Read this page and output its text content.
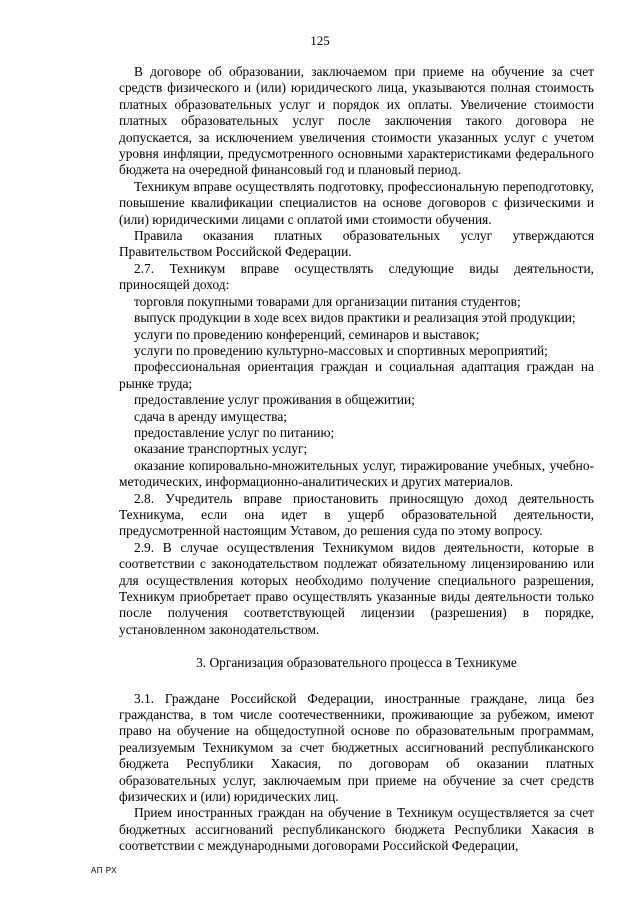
125

В договоре об образовании, заключаемом при приеме на обучение за счет средств физического и (или) юридического лица, указываются полная стоимость платных образовательных услуг и порядок их оплаты. Увеличение стоимости платных образовательных услуг после заключения такого договора не допускается, за исключением увеличения стоимости указанных услуг с учетом уровня инфляции, предусмотренного основными характеристиками федерального бюджета на очередной финансовый год и плановый период.

Техникум вправе осуществлять подготовку, профессиональную переподготовку, повышение квалификации специалистов на основе договоров с физическими и (или) юридическими лицами с оплатой ими стоимости обучения.

Правила оказания платных образовательных услуг утверждаются Правительством Российской Федерации.

2.7. Техникум вправе осуществлять следующие виды деятельности, приносящей доход:

торговля покупными товарами для организации питания студентов;

выпуск продукции в ходе всех видов практики и реализация этой продукции;

услуги по проведению конференций, семинаров и выставок;

услуги по проведению культурно-массовых и спортивных мероприятий;

профессиональная ориентация граждан и социальная адаптация граждан на рынке труда;

предоставление услуг проживания в общежитии;

сдача в аренду имущества;

предоставление услуг по питанию;

оказание транспортных услуг;

оказание копировально-множительных услуг, тиражирование учебных, учебно-методических, информационно-аналитических и других материалов.

2.8. Учредитель вправе приостановить приносящую доход деятельность Техникума, если она идет в ущерб образовательной деятельности, предусмотренной настоящим Уставом, до решения суда по этому вопросу.

2.9. В случае осуществления Техникумом видов деятельности, которые в соответствии с законодательством подлежат обязательному лицензированию или для осуществления которых необходимо получение специального разрешения, Техникум приобретает право осуществлять указанные виды деятельности только после получения соответствующей лицензии (разрешения) в порядке, установленном законодательством.

3. Организация образовательного процесса в Техникуме

3.1. Граждане Российской Федерации, иностранные граждане, лица без гражданства, в том числе соотечественники, проживающие за рубежом, имеют право на обучение на общедоступной основе по образовательным программам, реализуемым Техникумом за счет бюджетных ассигнований республиканского бюджета Республики Хакасия, по договорам об оказании платных образовательных услуг, заключаемым при приеме на обучение за счет средств физических и (или) юридических лиц.

Прием иностранных граждан на обучение в Техникум осуществляется за счет бюджетных ассигнований республиканского бюджета Республики Хакасия в соответствии с международными договорами Российской Федерации,

АП РХ
